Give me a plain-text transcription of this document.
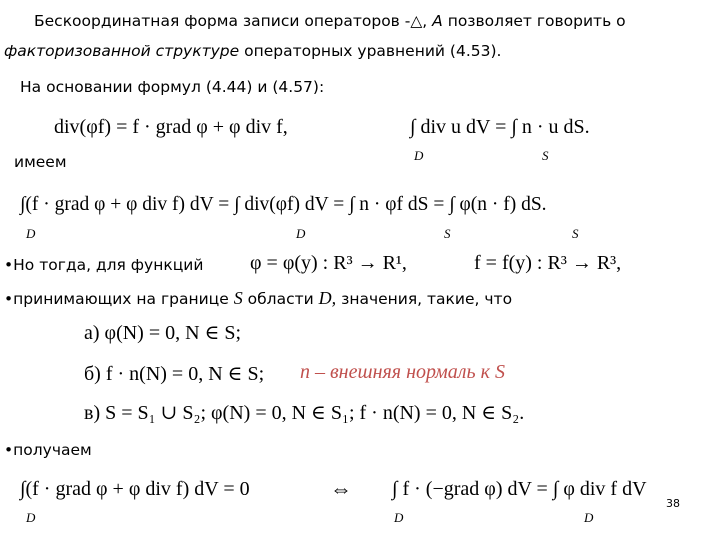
Бескоординатная форма записи операторов -△, A позволяет говорить о
факторизованной структуре операторных уравнений (4.53).
На основании формул (4.44) и (4.57):
div(φf) = f · grad φ + φ div f,	∫ div u dV = ∫ n · u dS.
D	S
имеем
∫(f · grad φ + φ div f) dV = ∫ div(φf) dV = ∫ n · φf dS = ∫ φ(n · f) dS.
D	D	S	S
•Но тогда, для функций φ = φ(y) : R³ → R¹,	f = f(y) : R³ → R³,
•принимающих на границе S области D, значения, такие, что
а) φ(N) = 0, N ∈ S;
б) f · n(N) = 0, N ∈ S; n – внешняя нормаль к S
в) S = S₁ ∪ S₂; φ(N) = 0, N ∈ S₁; f · n(N) = 0, N ∈ S₂.
•получаем
∫(f · grad φ + φ div f) dV = 0	⇔ ∫ f · (−grad φ) dV = ∫ φ div f dV
D	D	D
38
